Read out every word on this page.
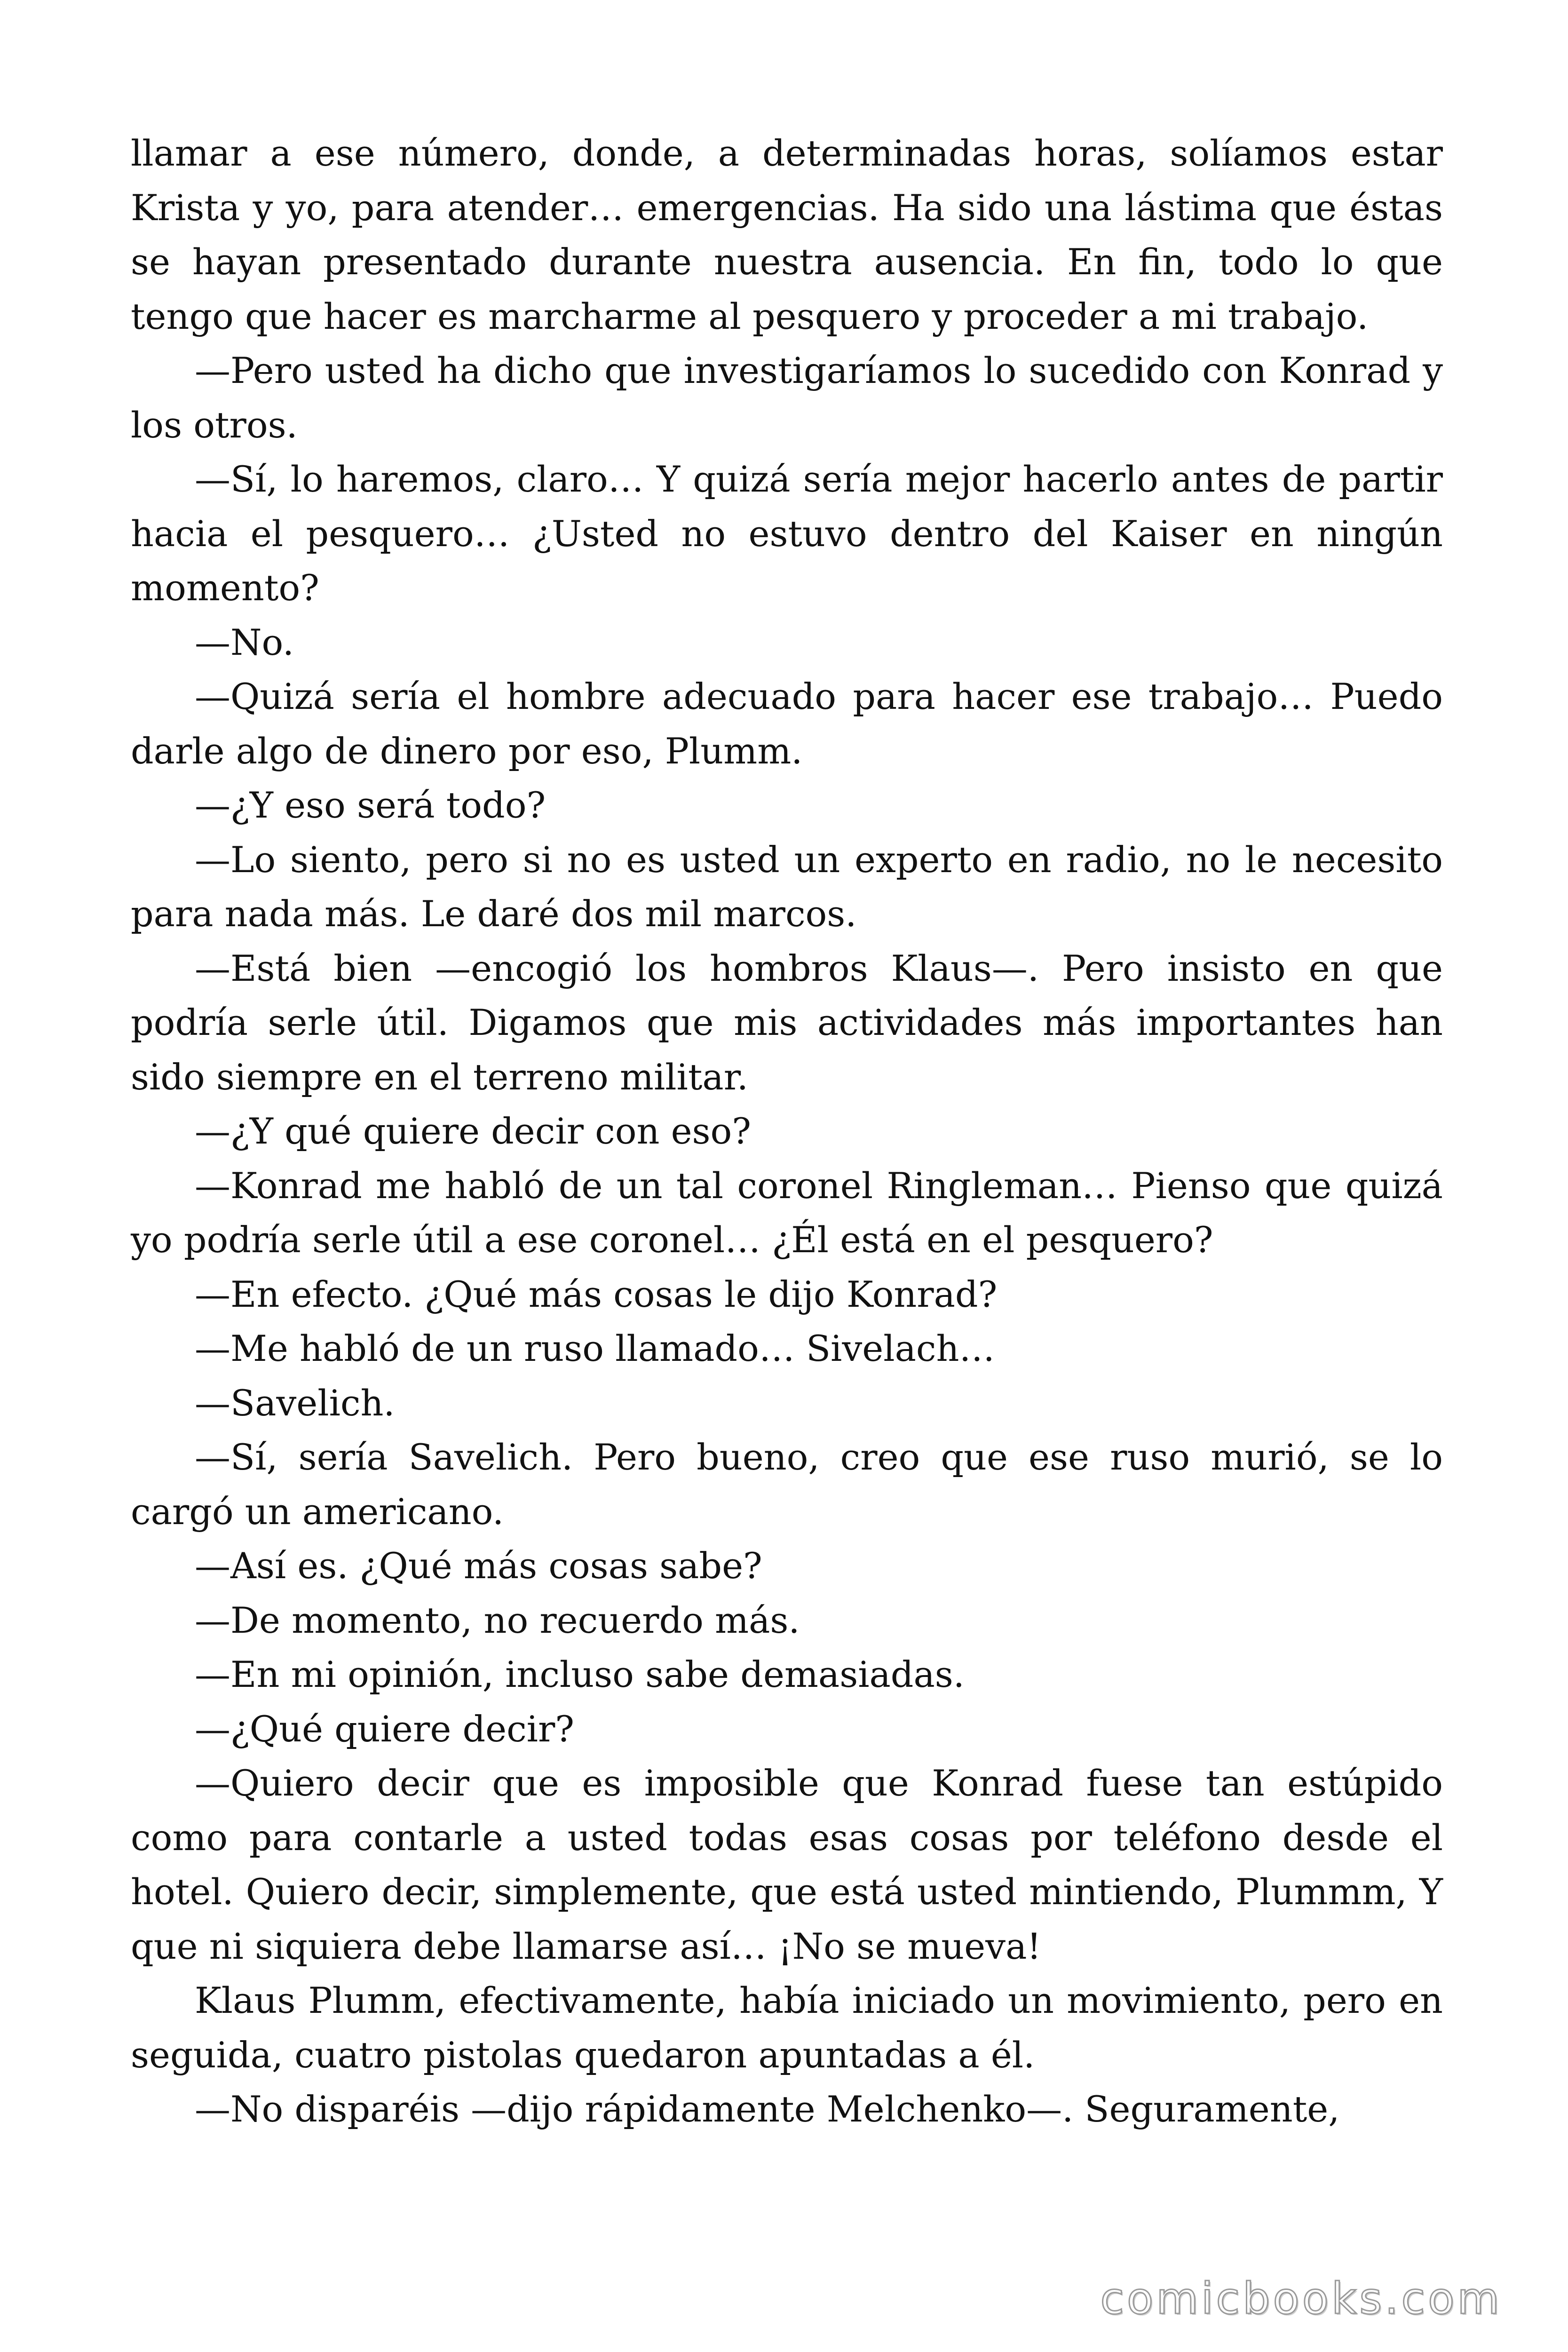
llamar a ese número, donde, a determinadas horas, solíamos estar Krista y yo, para atender… emergencias. Ha sido una lástima que éstas se hayan presentado durante nuestra ausencia. En fin, todo lo que tengo que hacer es marcharme al pesquero y proceder a mi trabajo.

—Pero usted ha dicho que investigaríamos lo sucedido con Konrad y los otros.

—Sí, lo haremos, claro… Y quizá sería mejor hacerlo antes de partir hacia el pesquero… ¿Usted no estuvo dentro del Kaiser en ningún momento?

—No.

—Quizá sería el hombre adecuado para hacer ese trabajo… Puedo darle algo de dinero por eso, Plumm.

—¿Y eso será todo?

—Lo siento, pero si no es usted un experto en radio, no le necesito para nada más. Le daré dos mil marcos.

—Está bien —encogió los hombros Klaus—. Pero insisto en que podría serle útil. Digamos que mis actividades más importantes han sido siempre en el terreno militar.

—¿Y qué quiere decir con eso?

—Konrad me habló de un tal coronel Ringleman… Pienso que quizá yo podría serle útil a ese coronel… ¿Él está en el pesquero?

—En efecto. ¿Qué más cosas le dijo Konrad?

—Me habló de un ruso llamado… Sivelach…

—Savelich.

—Sí, sería Savelich. Pero bueno, creo que ese ruso murió, se lo cargó un americano.

—Así es. ¿Qué más cosas sabe?

—De momento, no recuerdo más.

—En mi opinión, incluso sabe demasiadas.

—¿Qué quiere decir?

—Quiero decir que es imposible que Konrad fuese tan estúpido como para contarle a usted todas esas cosas por teléfono desde el hotel. Quiero decir, simplemente, que está usted mintiendo, Plummm, Y que ni siquiera debe llamarse así… ¡No se mueva!

Klaus Plumm, efectivamente, había iniciado un movimiento, pero en seguida, cuatro pistolas quedaron apuntadas a él.

—No disparéis —dijo rápidamente Melchenko—. Seguramente,

comicbooks.com
